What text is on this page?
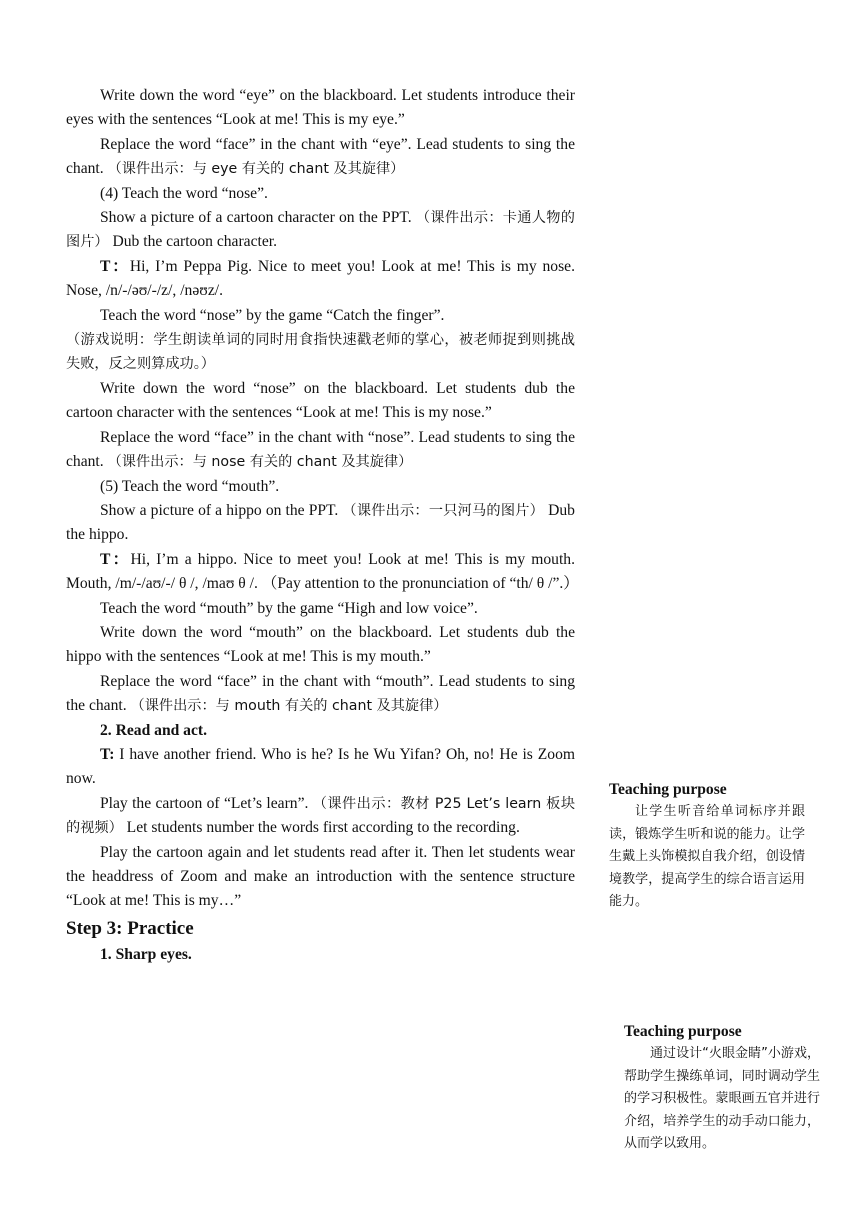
Write down the word “eye” on the blackboard. Let students introduce their eyes with the sentences “Look at me! This is my eye.”

Replace the word “face” in the chant with “eye”. Lead students to sing the chant. （课件出示：与 eye 有关的 chant 及其旋律）

(4) Teach the word “nose”.

Show a picture of a cartoon character on the PPT. （课件出示：卡通人物的图片） Dub the cartoon character.

T：Hi, I’m Peppa Pig. Nice to meet you! Look at me! This is my nose. Nose, /n/-/əʊ/-/z/, /nəʊz/.

Teach the word “nose” by the game “Catch the finger”.

（游戏说明：学生朗读单词的同时用食指快速戳老师的掌心，被老师捉到则挑战失败，反之则算成功。）

Write down the word “nose” on the blackboard. Let students dub the cartoon character with the sentences “Look at me! This is my nose.”

Replace the word “face” in the chant with “nose”. Lead students to sing the chant. （课件出示：与 nose 有关的 chant 及其旋律）

(5) Teach the word “mouth”.

Show a picture of a hippo on the PPT. （课件出示：一只河马的图片） Dub the hippo.

T：Hi, I’m a hippo. Nice to meet you! Look at me! This is my mouth. Mouth, /m/-/aʊ/-/ θ /, /maʊ θ /. （Pay attention to the pronunciation of “th/ θ /”.）

Teach the word “mouth” by the game “High and low voice”.

Write down the word “mouth” on the blackboard. Let students dub the hippo with the sentences “Look at me! This is my mouth.”

Replace the word “face” in the chant with “mouth”. Lead students to sing the chant. （课件出示：与 mouth 有关的 chant 及其旋律）

2. Read and act.

T: I have another friend. Who is he? Is he Wu Yifan? Oh, no! He is Zoom now.

Play the cartoon of “Let’s learn”. （课件出示：教材 P25 Let’s learn 板块的视频） Let students number the words first according to the recording.

Play the cartoon again and let students read after it. Then let students wear the headdress of Zoom and make an introduction with the sentence structure “Look at me! This is my…”

Step 3: Practice

1. Sharp eyes.

Teaching purpose
让学生听音给单词标序并跟读，锻炼学生听和说的能力。让学生戴上头饰模拟自我介绍，创设情境教学，提高学生的综合语言运用能力。
Teaching purpose
通过设计“火眼金睛”小游戏，帮助学生操练单词，同时调动学生的学习积极性。蒙眼画五官并进行介绍，培养学生的动手动口能力，从而学以致用。
